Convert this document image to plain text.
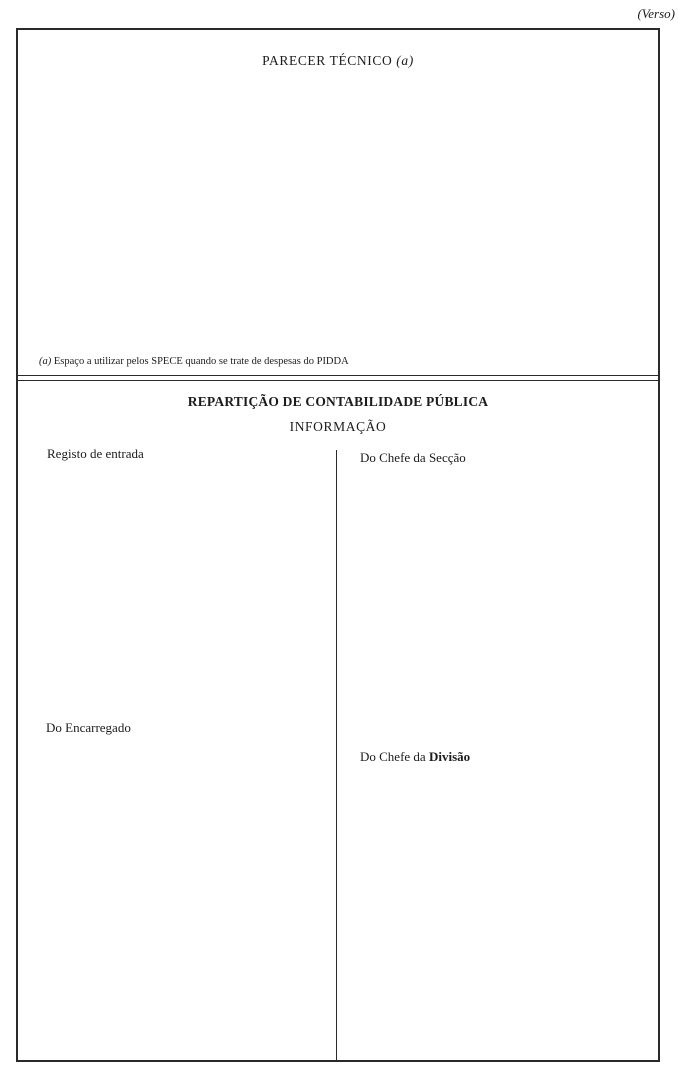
(Verso)
PARECER TÉCNICO (a)
(a) Espaço a utilizar pelos SPECE quando se trate de despesas do PIDDA
REPARTIÇÃO DE CONTABILIDADE PÚBLICA
INFORMAÇÃO
Registo de entrada	Do Chefe da Secção
Do Encarregado
Do Chefe da Divisão
